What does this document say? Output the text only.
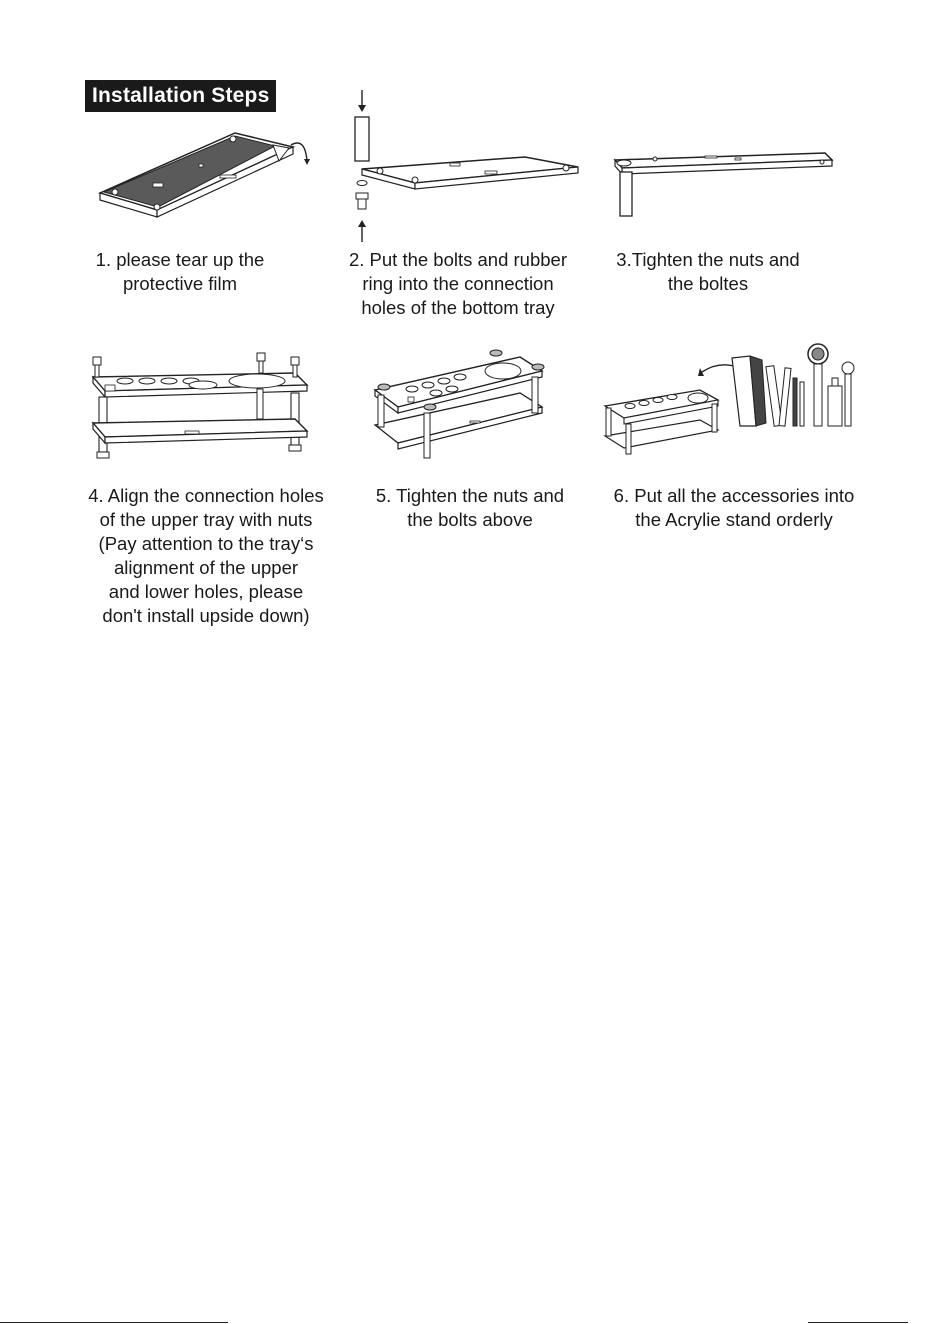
Installation Steps
1. please tear up the
protective film
2. Put the bolts and rubber
ring into the connection
holes of the bottom tray
3.Tighten the nuts and
the boltes
4. Align the connection holes
of the upper tray with nuts
(Pay attention to the tray‘s
alignment of the upper
and lower holes, please
don't install upside down)
5. Tighten the nuts and
the bolts above
6. Put all the accessories into
the Acrylie stand orderly
